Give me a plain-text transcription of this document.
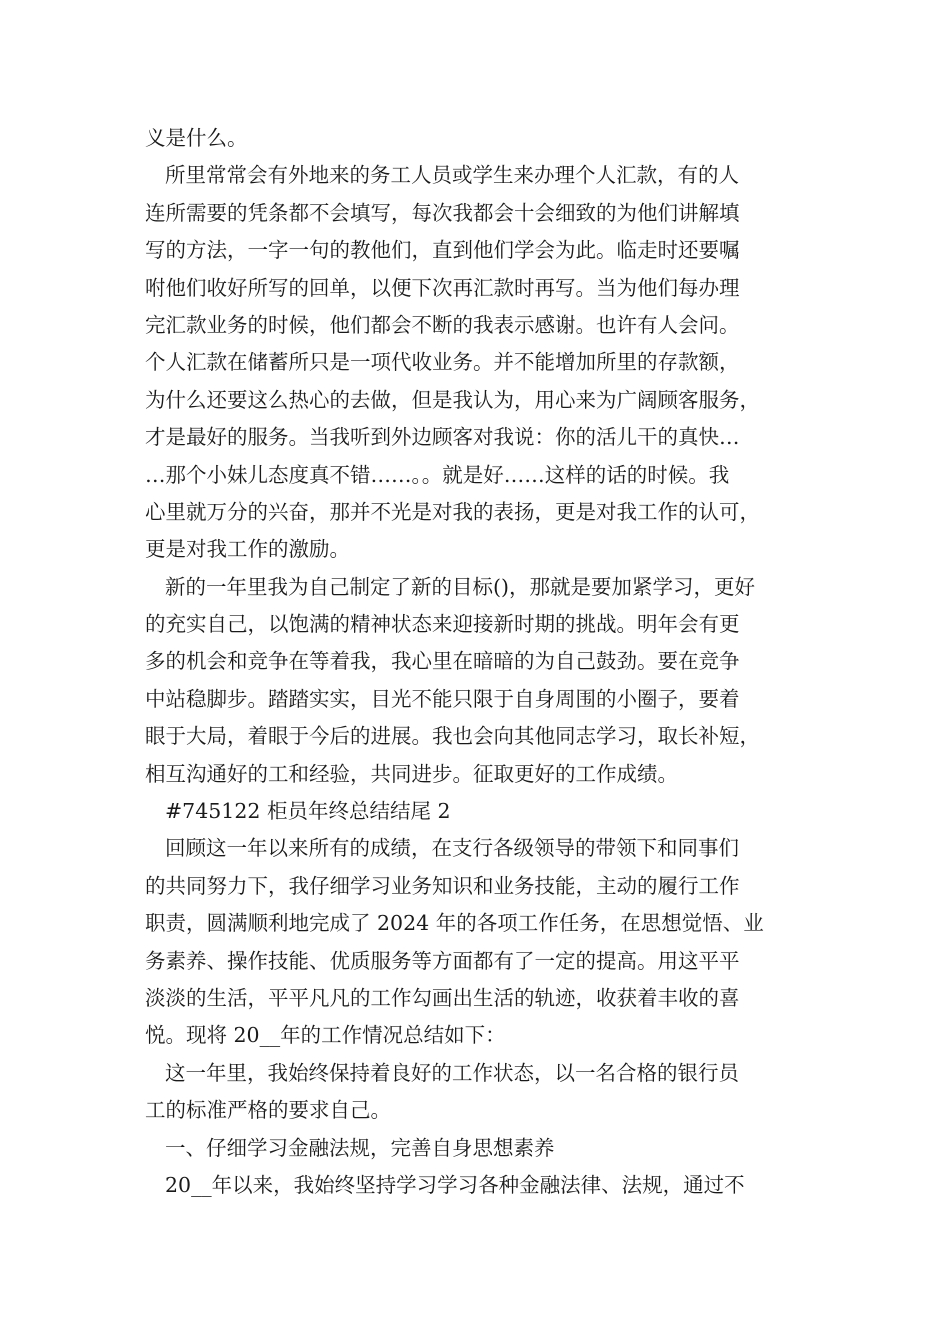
义是什么。
所里常常会有外地来的务工人员或学生来办理个人汇款，有的人
连所需要的凭条都不会填写，每次我都会十会细致的为他们讲解填
写的方法，一字一句的教他们，直到他们学会为此。临走时还要嘱
咐他们收好所写的回单，以便下次再汇款时再写。当为他们每办理
完汇款业务的时候，他们都会不断的我表示感谢。也许有人会问。
个人汇款在储蓄所只是一项代收业务。并不能增加所里的存款额，
为什么还要这么热心的去做，但是我认为，用心来为广阔顾客服务，
才是最好的服务。当我听到外边顾客对我说：你的活儿干的真快…
…那个小妹儿态度真不错……。。就是好……这样的话的时候。我
心里就万分的兴奋，那并不光是对我的表扬，更是对我工作的认可，
更是对我工作的激励。
新的一年里我为自己制定了新的目标()，那就是要加紧学习，更好
的充实自己，以饱满的精神状态来迎接新时期的挑战。明年会有更
多的机会和竞争在等着我，我心里在暗暗的为自己鼓劲。要在竞争
中站稳脚步。踏踏实实，目光不能只限于自身周围的小圈子，要着
眼于大局，着眼于今后的进展。我也会向其他同志学习，取长补短，
相互沟通好的工和经验，共同进步。征取更好的工作成绩。
#745122 柜员年终总结结尾 2
回顾这一年以来所有的成绩，在支行各级领导的带领下和同事们
的共同努力下，我仔细学习业务知识和业务技能，主动的履行工作
职责，圆满顺利地完成了 2024 年的各项工作任务，在思想觉悟、业
务素养、操作技能、优质服务等方面都有了一定的提高。用这平平
淡淡的生活，平平凡凡的工作勾画出生活的轨迹，收获着丰收的喜
悦。现将 20__年的工作情况总结如下：
这一年里，我始终保持着良好的工作状态，以一名合格的银行员
工的标准严格的要求自己。
一、仔细学习金融法规，完善自身思想素养
20__年以来，我始终坚持学习学习各种金融法律、法规，通过不
